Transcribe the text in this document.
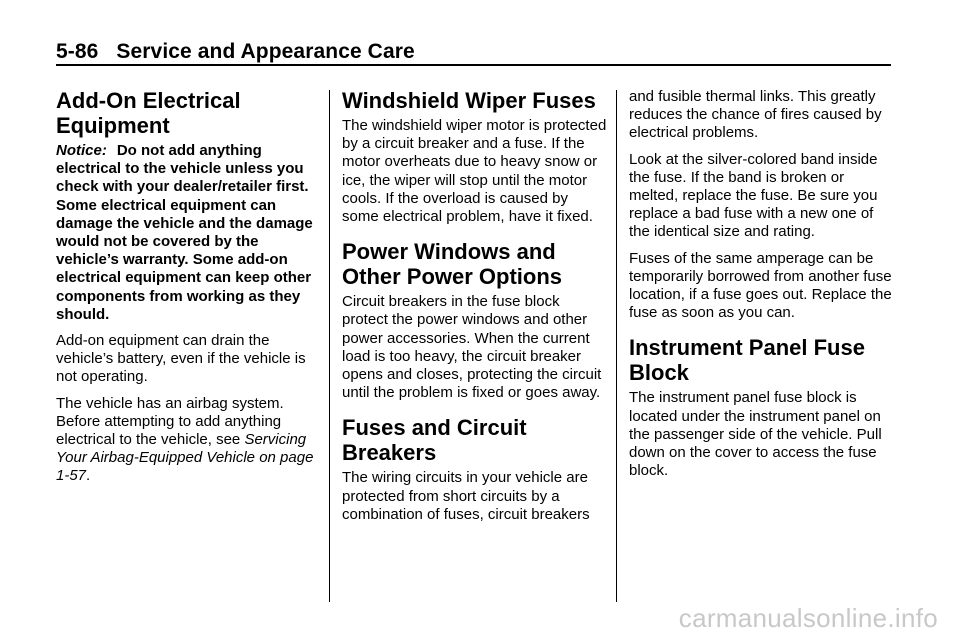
5-86 Service and Appearance Care
Add-On Electrical Equipment

Notice: Do not add anything electrical to the vehicle unless you check with your dealer/retailer first. Some electrical equipment can damage the vehicle and the damage would not be covered by the vehicle’s warranty. Some add-on electrical equipment can keep other components from working as they should.

Add-on equipment can drain the vehicle’s battery, even if the vehicle is not operating.

The vehicle has an airbag system. Before attempting to add anything electrical to the vehicle, see Servicing Your Airbag-Equipped Vehicle on page 1-57.

Windshield Wiper Fuses

The windshield wiper motor is protected by a circuit breaker and a fuse. If the motor overheats due to heavy snow or ice, the wiper will stop until the motor cools. If the overload is caused by some electrical problem, have it fixed.

Power Windows and Other Power Options

Circuit breakers in the fuse block protect the power windows and other power accessories. When the current load is too heavy, the circuit breaker opens and closes, protecting the circuit until the problem is fixed or goes away.

Fuses and Circuit Breakers

The wiring circuits in your vehicle are protected from short circuits by a combination of fuses, circuit breakers

and fusible thermal links. This greatly reduces the chance of fires caused by electrical problems.

Look at the silver-colored band inside the fuse. If the band is broken or melted, replace the fuse. Be sure you replace a bad fuse with a new one of the identical size and rating.

Fuses of the same amperage can be temporarily borrowed from another fuse location, if a fuse goes out. Replace the fuse as soon as you can.

Instrument Panel Fuse Block

The instrument panel fuse block is located under the instrument panel on the passenger side of the vehicle. Pull down on the cover to access the fuse block.

carmanualsonline.info
